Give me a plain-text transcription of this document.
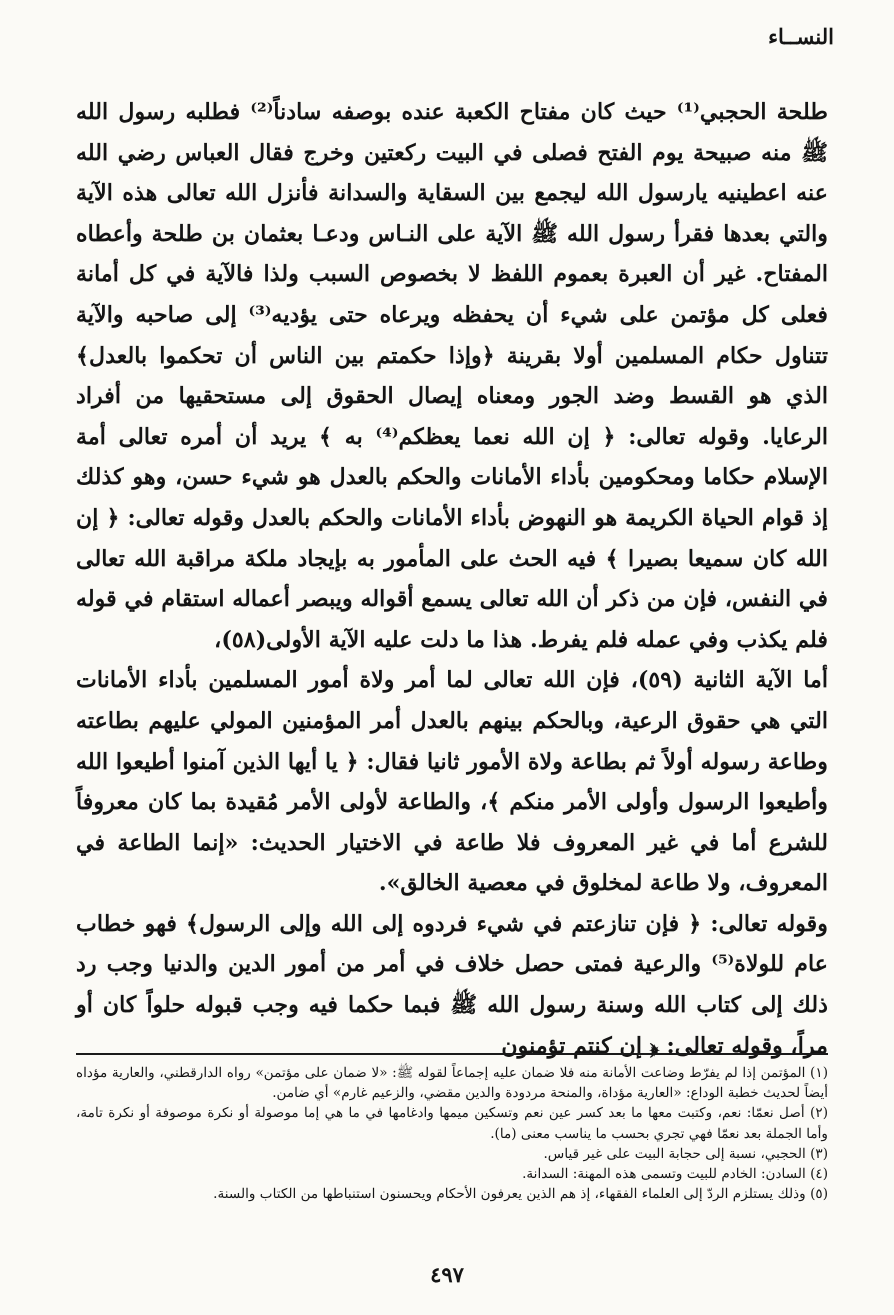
النســاء

طلحة الحجبي⁽¹⁾ حيث كان مفتاح الكعبة عنده بوصفه سادناً⁽²⁾ فطلبه رسول الله ﷺ منه صبيحة يوم الفتح فصلى في البيت ركعتين وخرج فقال العباس رضي الله عنه اعطينيه يارسول الله ليجمع بين السقاية والسدانة فأنزل الله تعالى هذه الآية والتي بعدها فقرأ رسول الله ﷺ الآية على النـاس ودعـا بعثمان بن طلحة وأعطاه المفتاح. غير أن العبرة بعموم اللفظ لا بخصوص السبب ولذا فالآية في كل أمانة فعلى كل مؤتمن على شيء أن يحفظه ويرعاه حتى يؤديه⁽³⁾ إلى صاحبه والآية تتناول حكام المسلمين أولا بقرينة ﴿وإذا حكمتم بين الناس أن تحكموا بالعدل﴾ الذي هو القسط وضد الجور ومعناه إيصال الحقوق إلى مستحقيها من أفراد الرعايا. وقوله تعالى: ﴿ إن الله نعما يعظكم⁽⁴⁾ به ﴾ يريد أن أمره تعالى أمة الإسلام حكاما ومحكومين بأداء الأمانات والحكم بالعدل هو شيء حسن، وهو كذلك إذ قوام الحياة الكريمة هو النهوض بأداء الأمانات والحكم بالعدل وقوله تعالى: ﴿ إن الله كان سميعا بصيرا ﴾ فيه الحث على المأمور به بإيجاد ملكة مراقبة الله تعالى في النفس، فإن من ذكر أن الله تعالى يسمع أقواله ويبصر أعماله استقام في قوله فلم يكذب وفي عمله فلم يفرط. هذا ما دلت عليه الآية الأولى(٥٨)،

أما الآية الثانية (٥٩)، فإن الله تعالى لما أمر ولاة أمور المسلمين بأداء الأمانات التي هي حقوق الرعية، وبالحكم بينهم بالعدل أمر المؤمنين المولي عليهم بطاعته وطاعة رسوله أولاً ثم بطاعة ولاة الأمور ثانيا فقال: ﴿ يا أيها الذين آمنوا أطيعوا الله وأطيعوا الرسول وأولى الأمر منكم ﴾، والطاعة لأولى الأمر مُقيدة بما كان معروفاً للشرع أما في غير المعروف فلا طاعة في الاختيار الحديث: «إنما الطاعة في المعروف، ولا طاعة لمخلوق في معصية الخالق».

وقوله تعالى: ﴿ فإن تنازعتم في شيء فردوه إلى الله وإلى الرسول﴾ فهو خطاب عام للولاة⁽⁵⁾ والرعية فمتى حصل خلاف في أمر من أمور الدين والدنيا وجب رد ذلك إلى كتاب الله وسنة رسول الله ﷺ فبما حكما فيه وجب قبوله حلواً كان أو مراً، وقوله تعالى: ﴿ إن كنتم تؤمنون

(١) المؤتمن إذا لم يفرّط وضاعت الأمانة منه فلا ضمان عليه إجماعاً لقوله ﷺ: «لا ضمان على مؤتمن» رواه الدارقطني، والعارية مؤداه أيضاً لحديث خطبة الوداع: «العارية مؤداة، والمنحة مردودة والدين مقضي، والزعيم غارم» أي ضامن.

(٢) أصل نعمّا: نعم، وكتبت معها ما بعد كسر عين نعم وتسكين ميمها وادغامها في ما هي إما موصولة أو نكرة موصوفة أو نكرة تامة، وأما الجملة بعد نعمّا فهي تجري بحسب ما يناسب معنى (ما).

(٣) الحجبي، نسبة إلى حجابة البيت على غير قياس.

(٤) السادن: الخادم للبيت وتسمى هذه المهنة: السدانة.

(٥) وذلك يستلزم الردّ إلى العلماء الفقهاء، إذ هم الذين يعرفون الأحكام ويحسنون استنباطها من الكتاب والسنة.

٤٩٧
